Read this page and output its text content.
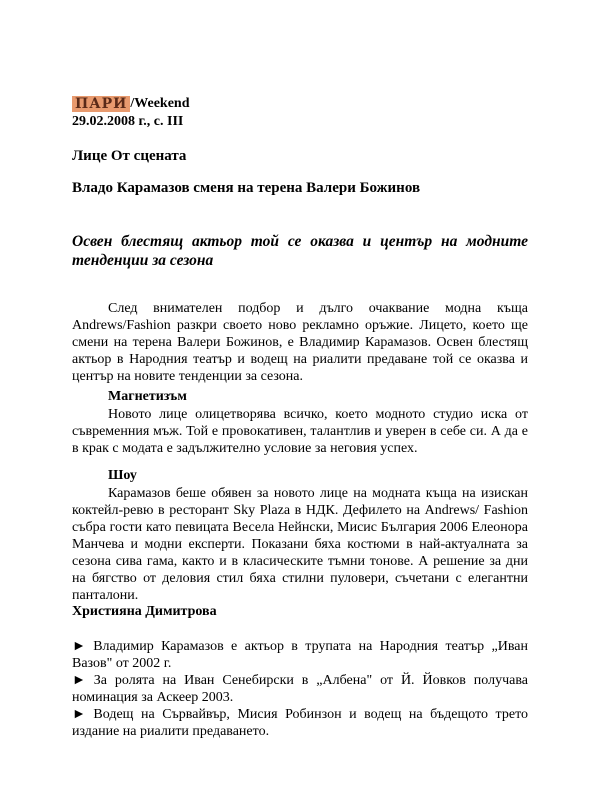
ПАРИ /Weekend
29.02.2008 г., с. III
Лице От сцената
Владо Карамазов сменя на терена Валери Божинов
Освен блестящ актьор той се оказва и център на модните тенденции за сезона

След внимателен подбор и дълго очаквание модна къща Andrews/Fashion разкри своето ново рекламно оръжие. Лицето, което ще смени на терена Валери Божинов, е Владимир Карамазов. Освен блестящ актьор в Народния театър и водещ на риалити предаване той се оказва и център на новите тенденции за сезона.

Магнетизъм

Новото лице олицетворява всичко, което модното студио иска от съвременния мъж. Той е провокативен, талантлив и уверен в себе си. А да е в крак с модата е задължително условие за неговия успех.

Шоу

Карамазов беше обявен за новото лице на модната къща на изискан коктейл-ревю в ресторант Sky Plaza в НДК. Дефилето на Andrews/ Fashion събра гости като певицата Весела Нейнски, Мисис България 2006 Елеонора Манчева и модни експерти. Показани бяха костюми в най-актуалната за сезона сива гама, както и в класическите тъмни тонове. А решение за дни на бягство от деловия стил бяха стилни пуловери, съчетани с елегантни панталони.

Християна Димитрова

► Владимир Карамазов е актьор в трупата на Народния театър „Иван Вазов" от 2002 г.

► За ролята на Иван Сенебирски в „Албена" от Й. Йовков получава номинация за Аскеер 2003.

► Водещ на Сървайвър, Мисия Робинзон и водещ на бъдещото трето издание на риалити предаването.
